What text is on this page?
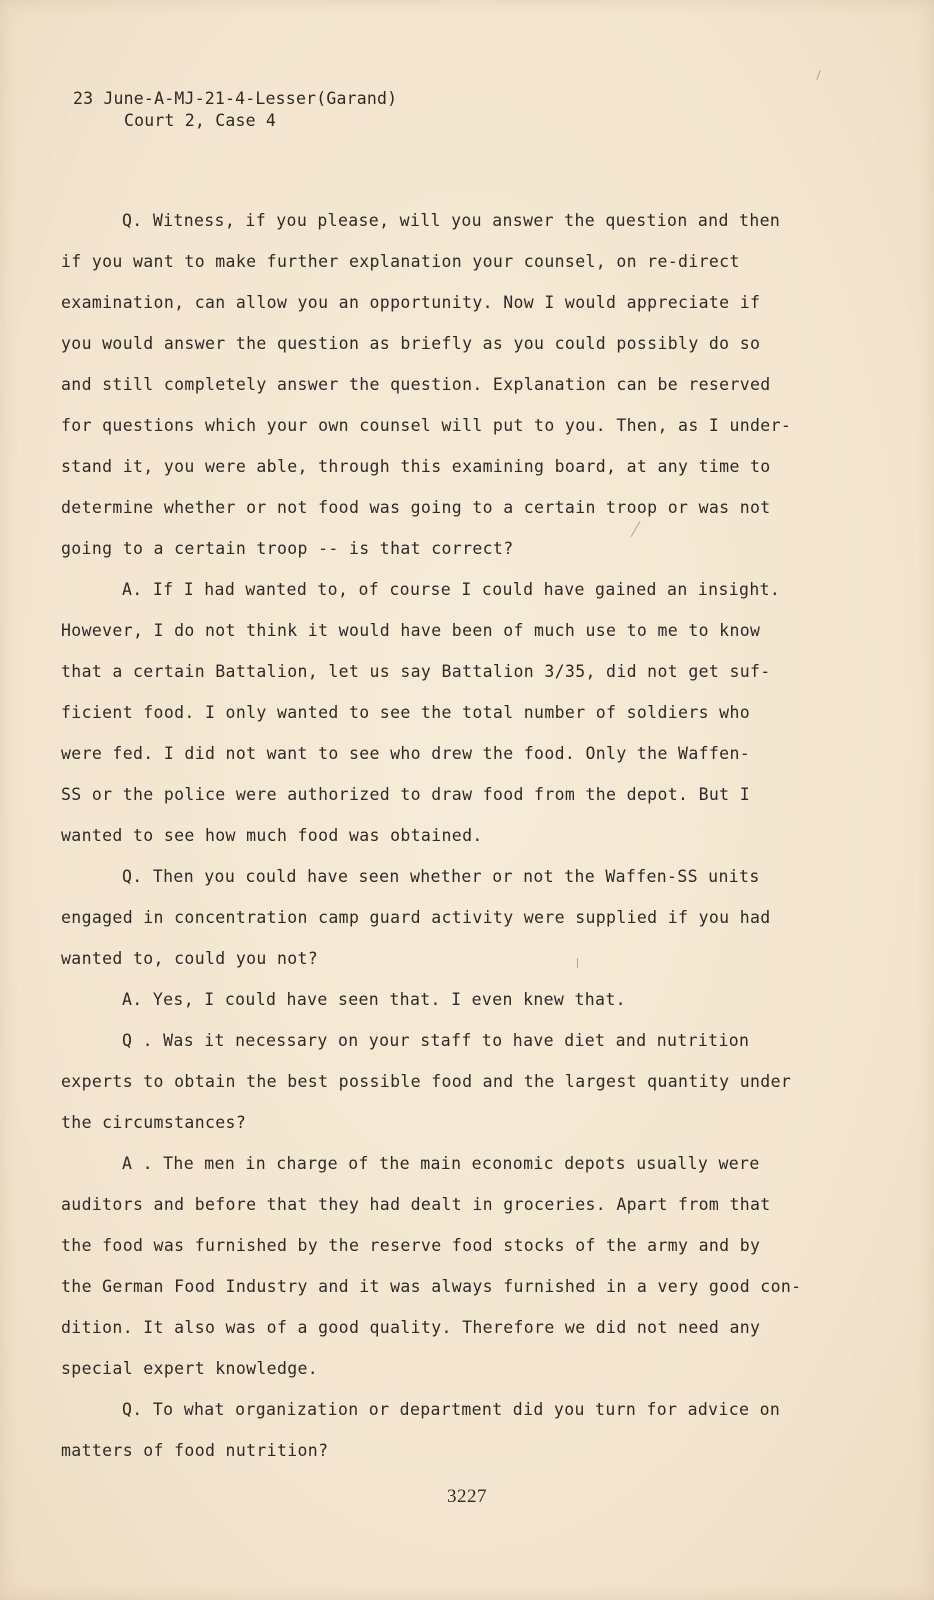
23 June-A-MJ-21-4-Lesser(Garand)
Court 2, Case 4
Q. Witness, if you please, will you answer the question and then
if you want to make further explanation your counsel, on re-direct
examination, can allow you an opportunity. Now I would appreciate if
you would answer the question as briefly as you could possibly do so
and still completely answer the question. Explanation can be reserved
for questions which your own counsel will put to you. Then, as I under-
stand it, you were able, through this examining board, at any time to
determine whether or not food was going to a certain troop or was not
going to a certain troop -- is that correct?
A. If I had wanted to, of course I could have gained an insight.
However, I do not think it would have been of much use to me to know
that a certain Battalion, let us say Battalion 3/35, did not get suf-
ficient food. I only wanted to see the total number of soldiers who
were fed. I did not want to see who drew the food. Only the Waffen-
SS or the police were authorized to draw food from the depot. But I
wanted to see how much food was obtained.
Q. Then you could have seen whether or not the Waffen-SS units
engaged in concentration camp guard activity were supplied if you had
wanted to, could you not?
A. Yes, I could have seen that. I even knew that.
Q . Was it necessary on your staff to have diet and nutrition
experts to obtain the best possible food and the largest quantity under
the circumstances?
A . The men in charge of the main economic depots usually were
auditors and before that they had dealt in groceries. Apart from that
the food was furnished by the reserve food stocks of the army and by
the German Food Industry and it was always furnished in a very good con-
dition. It also was of a good quality. Therefore we did not need any
special expert knowledge.
Q. To what organization or department did you turn for advice on
matters of food nutrition?
3227
